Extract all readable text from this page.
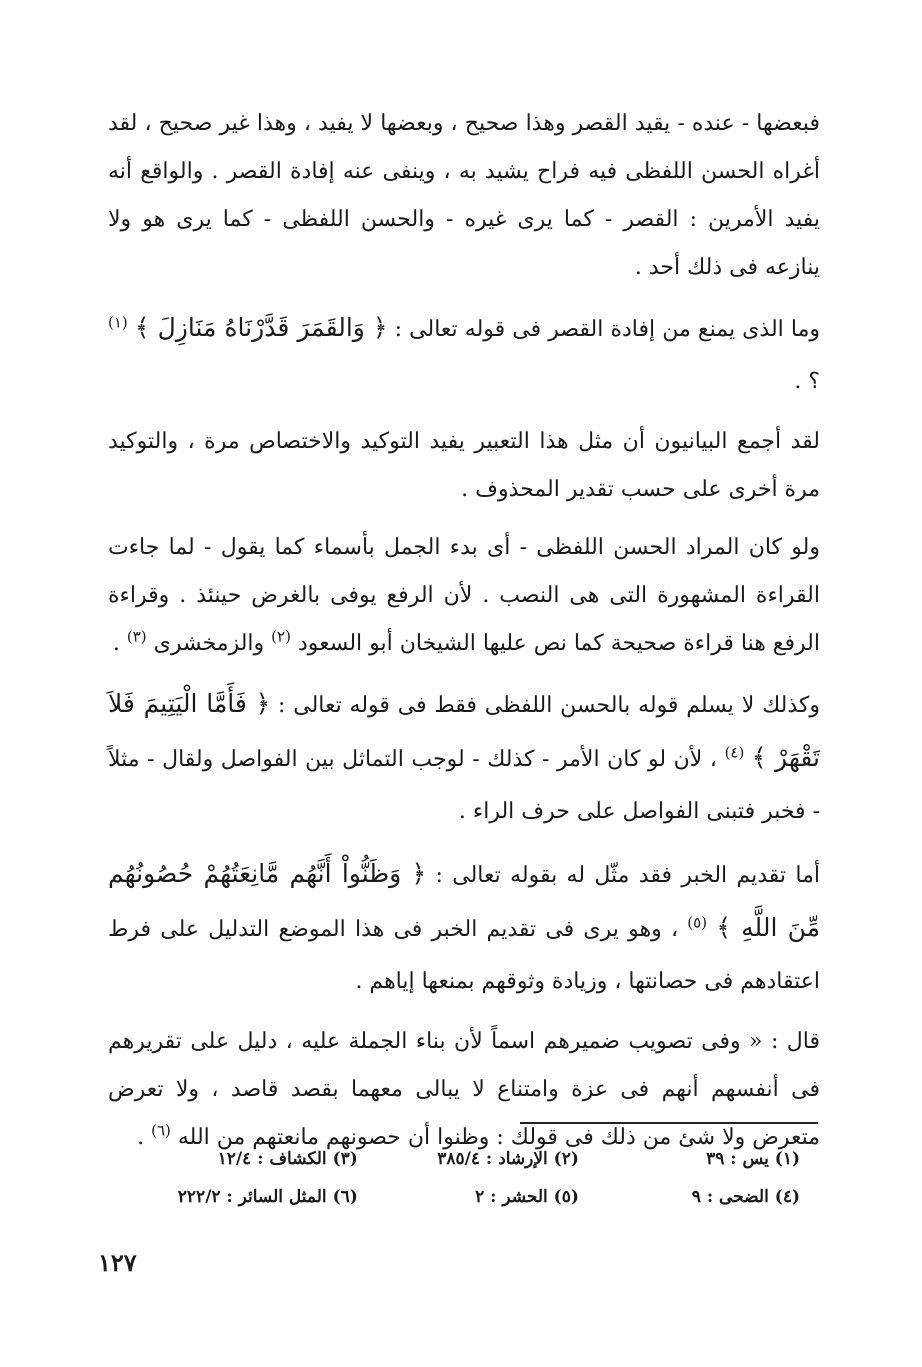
فبعضها - عنده - يقيد القصر وهذا صحيح ، وبعضها لا يفيد ، وهذا غير صحيح ، لقد أغراه الحسن اللفظى فيه فراح يشيد به ، وينفى عنه إفادة القصر . والواقع أنه يفيد الأمرين : القصر - كما يرى غيره - والحسن اللفظى - كما يرى هو ولا ينازعه فى ذلك أحد .

وما الذى يمنع من إفادة القصر فى قوله تعالى : ﴿ وَالقَمَرَ قَدَّرْنَاهُ مَنَازِلَ ﴾ $^{(١)}$ ؟ .

لقد أجمع البيانيون أن مثل هذا التعبير يفيد التوكيد والاختصاص مرة ، والتوكيد مرة أخرى على حسب تقدير المحذوف .

ولو كان المراد الحسن اللفظى - أى بدء الجمل بأسماء كما يقول - لما جاءت القراءة المشهورة التى هى النصب . لأن الرفع يوفى بالغرض حينئذ . وقراءة الرفع هنا قراءة صحيحة كما نص عليها الشيخان أبو السعود $^{(٢)}$ والزمخشرى $^{(٣)}$ .

وكذلك لا يسلم قوله بالحسن اللفظى فقط فى قوله تعالى : ﴿ فَأَمَّا الْيَتِيمَ فَلاَ تَقْهَرْ ﴾ $^{(٤)}$ ، لأن لو كان الأمر - كذلك - لوجب التماثل بين الفواصل ولقال - مثلاً - فخبر فتبنى الفواصل على حرف الراء .

أما تقديم الخبر فقد مثّل له بقوله تعالى : ﴿ وَظَنُّواْ أَنَّهُم مَّانِعَتُهُمْ حُصُونُهُم مِّنَ اللَّهِ ﴾ $^{(٥)}$ ، وهو يرى فى تقديم الخبر فى هذا الموضع التدليل على فرط اعتقادهم فى حصانتها ، وزيادة وثوقهم بمنعها إياهم .

قال : « وفى تصويب ضميرهم اسماً لأن بناء الجملة عليه ، دليل على تقريرهم فى أنفسهم أنهم فى عزة وامتناع لا يبالى معهما بقصد قاصد ، ولا تعرض متعرض ولا شئ من ذلك فى قولك : وظنوا أن حصونهم مانعتهم من الله $^{(٦)}$ .

(١) يس : ٣٩
(٢) الإرشاد : ٣٨٥/٤
(٣) الكشاف : ١٢/٤
(٤) الضحى : ٩
(٥) الحشر : ٢
(٦) المثل السائر : ٢٢٢/٢
١٢٧
